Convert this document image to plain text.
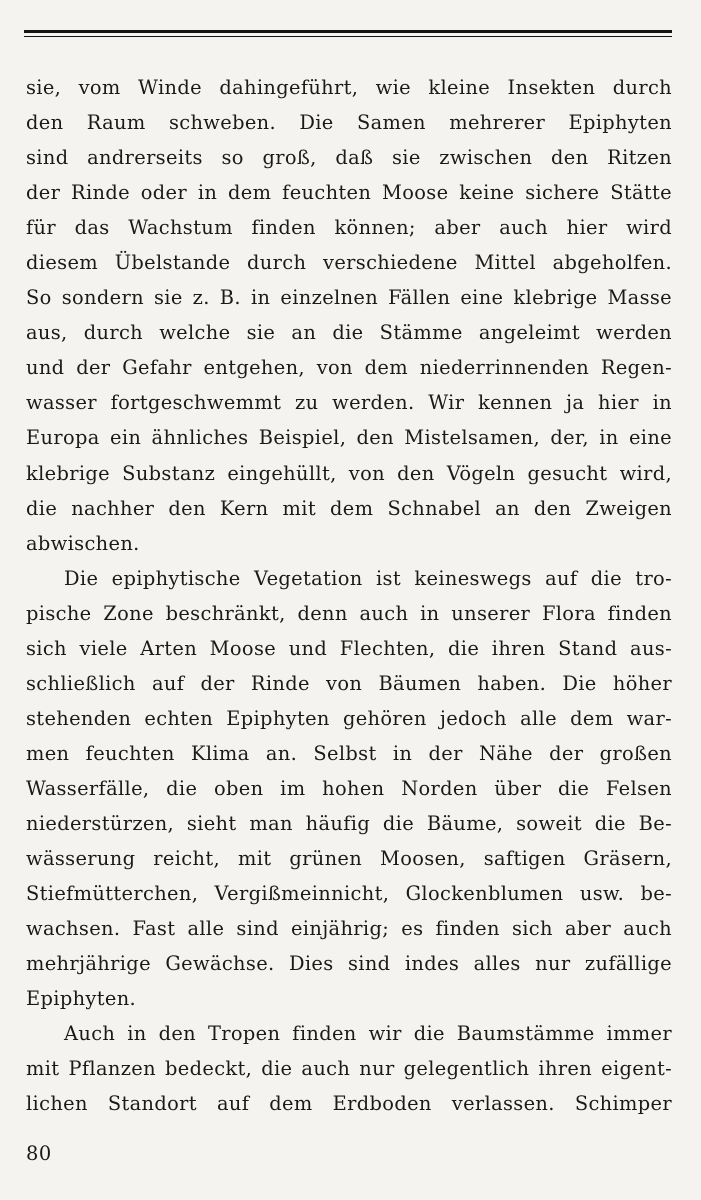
sie, vom Winde dahingeführt, wie kleine Insekten durch
den Raum schweben. Die Samen mehrerer Epiphyten
sind andrerseits so groß, daß sie zwischen den Ritzen
der Rinde oder in dem feuchten Moose keine sichere Stätte
für das Wachstum finden können; aber auch hier wird
diesem Übelstande durch verschiedene Mittel abgeholfen.
So sondern sie z. B. in einzelnen Fällen eine klebrige Masse
aus, durch welche sie an die Stämme angeleimt werden
und der Gefahr entgehen, von dem niederrinnenden Regen-
wasser fortgeschwemmt zu werden. Wir kennen ja hier in
Europa ein ähnliches Beispiel, den Mistelsamen, der, in eine
klebrige Substanz eingehüllt, von den Vögeln gesucht wird,
die nachher den Kern mit dem Schnabel an den Zweigen
abwischen.
Die epiphytische Vegetation ist keineswegs auf die tro-
pische Zone beschränkt, denn auch in unserer Flora finden
sich viele Arten Moose und Flechten, die ihren Stand aus-
schließlich auf der Rinde von Bäumen haben. Die höher
stehenden echten Epiphyten gehören jedoch alle dem war-
men feuchten Klima an. Selbst in der Nähe der großen
Wasserfälle, die oben im hohen Norden über die Felsen
niederstürzen, sieht man häufig die Bäume, soweit die Be-
wässerung reicht, mit grünen Moosen, saftigen Gräsern,
Stiefmütterchen, Vergißmeinnicht, Glockenblumen usw. be-
wachsen. Fast alle sind einjährig; es finden sich aber auch
mehrjährige Gewächse. Dies sind indes alles nur zufällige
Epiphyten.
Auch in den Tropen finden wir die Baumstämme immer
mit Pflanzen bedeckt, die auch nur gelegentlich ihren eigent-
lichen Standort auf dem Erdboden verlassen. Schimper
80
